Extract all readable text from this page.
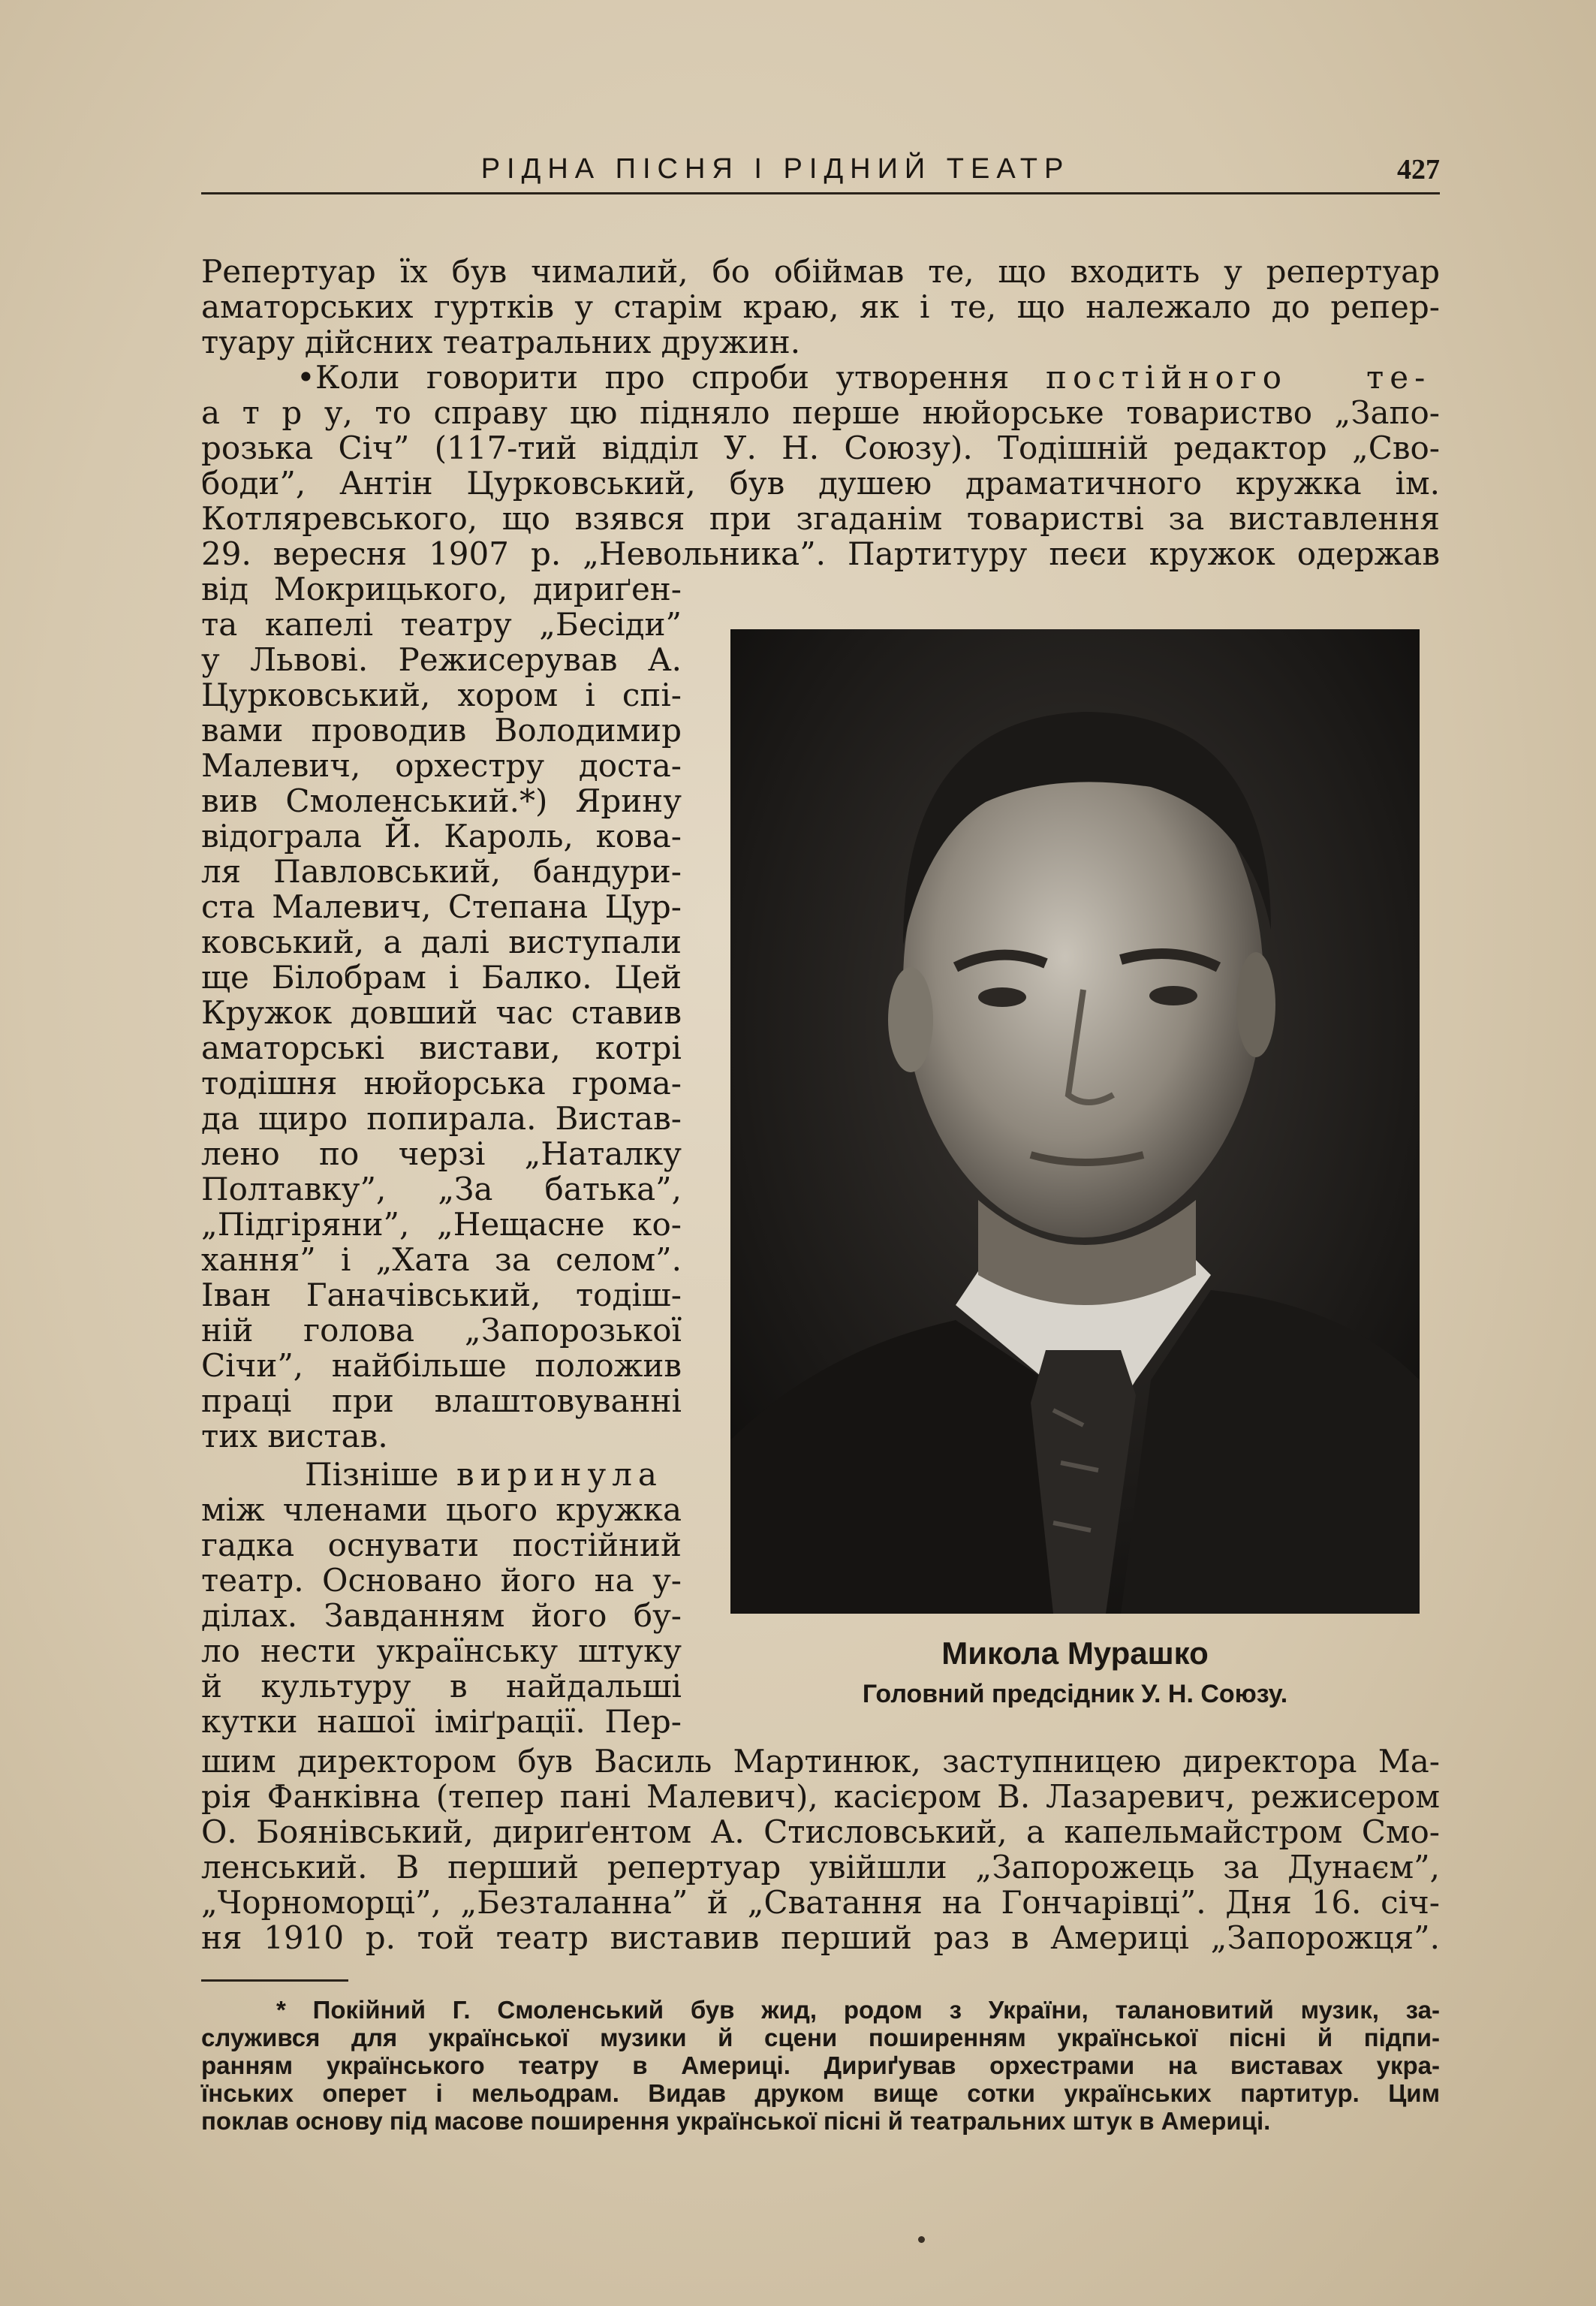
РІДНА ПІСНЯ І РІДНИЙ ТЕАТР	427
Репертуар їх був чималий, бо обіймав те, що входить у репертуар
аматорських гуртків у старім краю, як і те, що належало до репер-
туару дійсних театральних дружин.
• Коли говорити про спроби утворення	постійного те-
а т р у, то справу цю підняло перше нюйорське товариство „Запо-
розька Січ” (117-тий відділ У. Н. Союзу). Тодішній редактор „Сво-
боди”, Антін Цурковський, був душею драматичного кружка ім.
Котляревського, що взявся при згаданім товаристві за виставлення
29. вересня 1907 р. „Невольника”. Партитуру пеєи кружок одержав
від Мокрицького, дириґен-
та капелі театру „Бесіди”
у Львові. Режисерував А.
Цурковський, хором і спі-
вами проводив Володимир
Малевич, орхестру доста-
вив Смоленський.*) Ярину
відограла Й. Кароль, кова-
ля Павловський, бандури-
ста Малевич, Степана Цур-
ковський, а далі виступали
ще Білобрам і Балко. Цей
Кружок довший час ставив
аматорські вистави, котрі
тодішня нюйорська грома-
да щиро попирала. Вистав-
лено по черзі „Наталку
Полтавку”, „За батька”,
„Підгіряни”, „Нещасне ко-
хання” і „Хата за селом”.
Іван Ганачівський, тодіш-
ній голова „Запорозької
Січи”, найбільше положив
праці при влаштовуванні
тих вистав.
Пізніше виринула
між членами цього кружка
гадка оснувати постійний
театр. Основано його на у-
ділах. Завданням його бу-
ло нести українську штуку
й культуру в найдальші
кутки нашої іміґрації. Пер-
шим директором був Василь Мартинюк, заступницею директора Ма-
рія Фанківна (тепер пані Малевич), касієром В. Лазаревич, режисером
О. Боянівський, дириґентом А. Стисловський, а капельмайстром Смо-
ленський. В перший репертуар увійшли „Запорожець за Дунаєм”,
„Чорноморці”, „Безталанна” й „Сватання на Гончарівці”. Дня 16. січ-
ня 1910 р. той театр виставив перший раз в Америці „Запорожця”.
Микола Мурашко
Головний предсідник У. Н. Союзу.
* Покійний Г. Смоленський був жид, родом з України, талановитий музик, за-
служився для української музики й сцени поширенням української пісні й підпи-
ранням українського театру в Америці. Дириґував орхестрами на виставах укра-
їнських оперет і мельодрам. Видав друком вище сотки українських партитур. Цим
поклав основу під масове поширення української пісні й театральних штук в Америці.
